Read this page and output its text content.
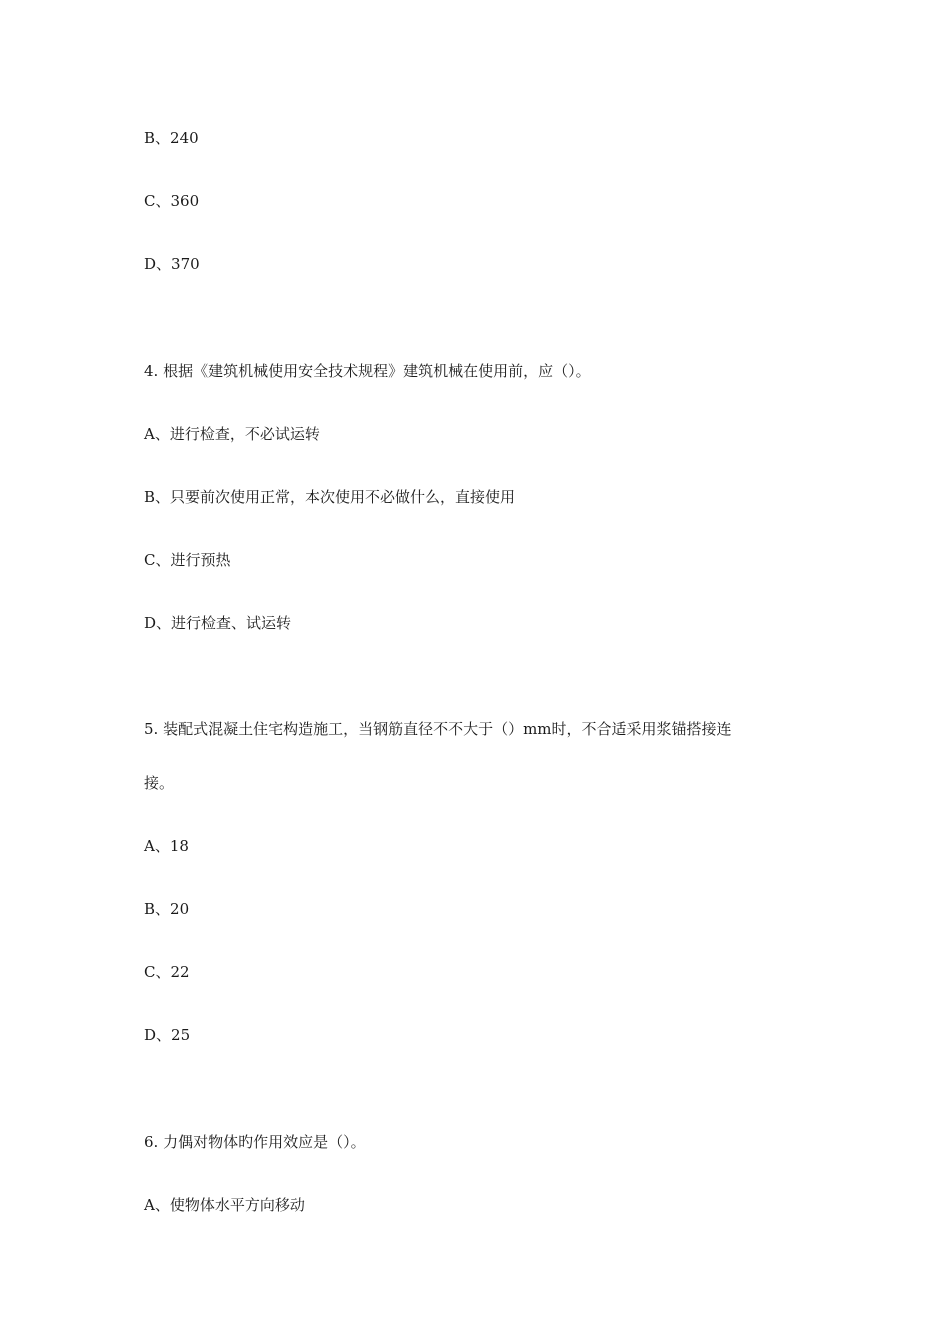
B、240
C、360
D、370
4. 根据《建筑机械使用安全技术规程》建筑机械在使用前，应（）。
A、进行检查，不必试运转
B、只要前次使用正常，本次使用不必做什么，直接使用
C、进行预热
D、进行检查、试运转
5. 装配式混凝土住宅构造施工，当钢筋直径不不大于（）mm时，不合适采用浆锚搭接连
接。
A、18
B、20
C、22
D、25
6. 力偶对物体旳作用效应是（）。
A、使物体水平方向移动
